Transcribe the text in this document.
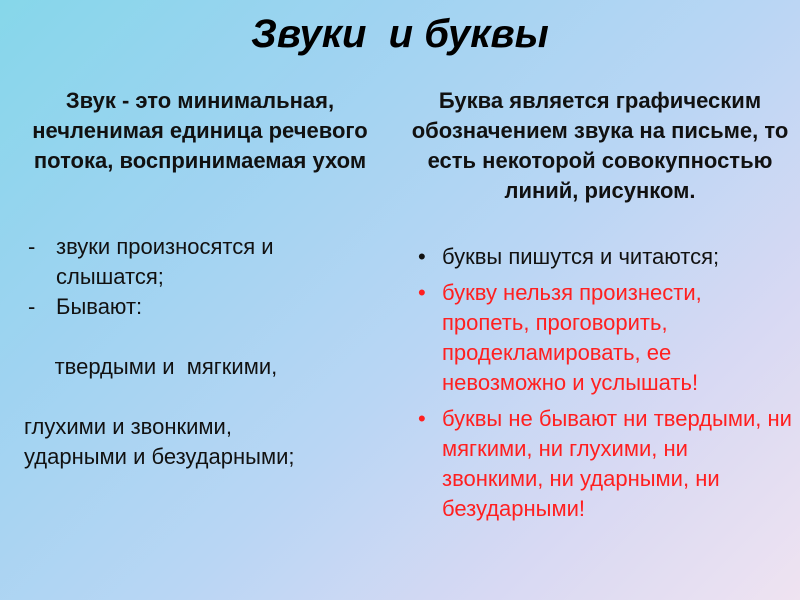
Звуки  и буквы
Звук - это минимальная, нечленимая единица речевого потока, воспринимаемая ухом
- звуки произносятся и слышатся;
- Бывают:

твердыми и  мягкими,

глухими и звонкими,
ударными и безударными;
Буква является графическим обозначением звука на письме, то есть некоторой совокупностью линий, рисунком.
• буквы пишутся и читаются;
• букву нельзя произнести, пропеть, проговорить, продекламировать, ее невозможно и услышать!
• буквы не бывают ни твердыми, ни мягкими, ни глухими, ни звонкими, ни ударными, ни безударными!
